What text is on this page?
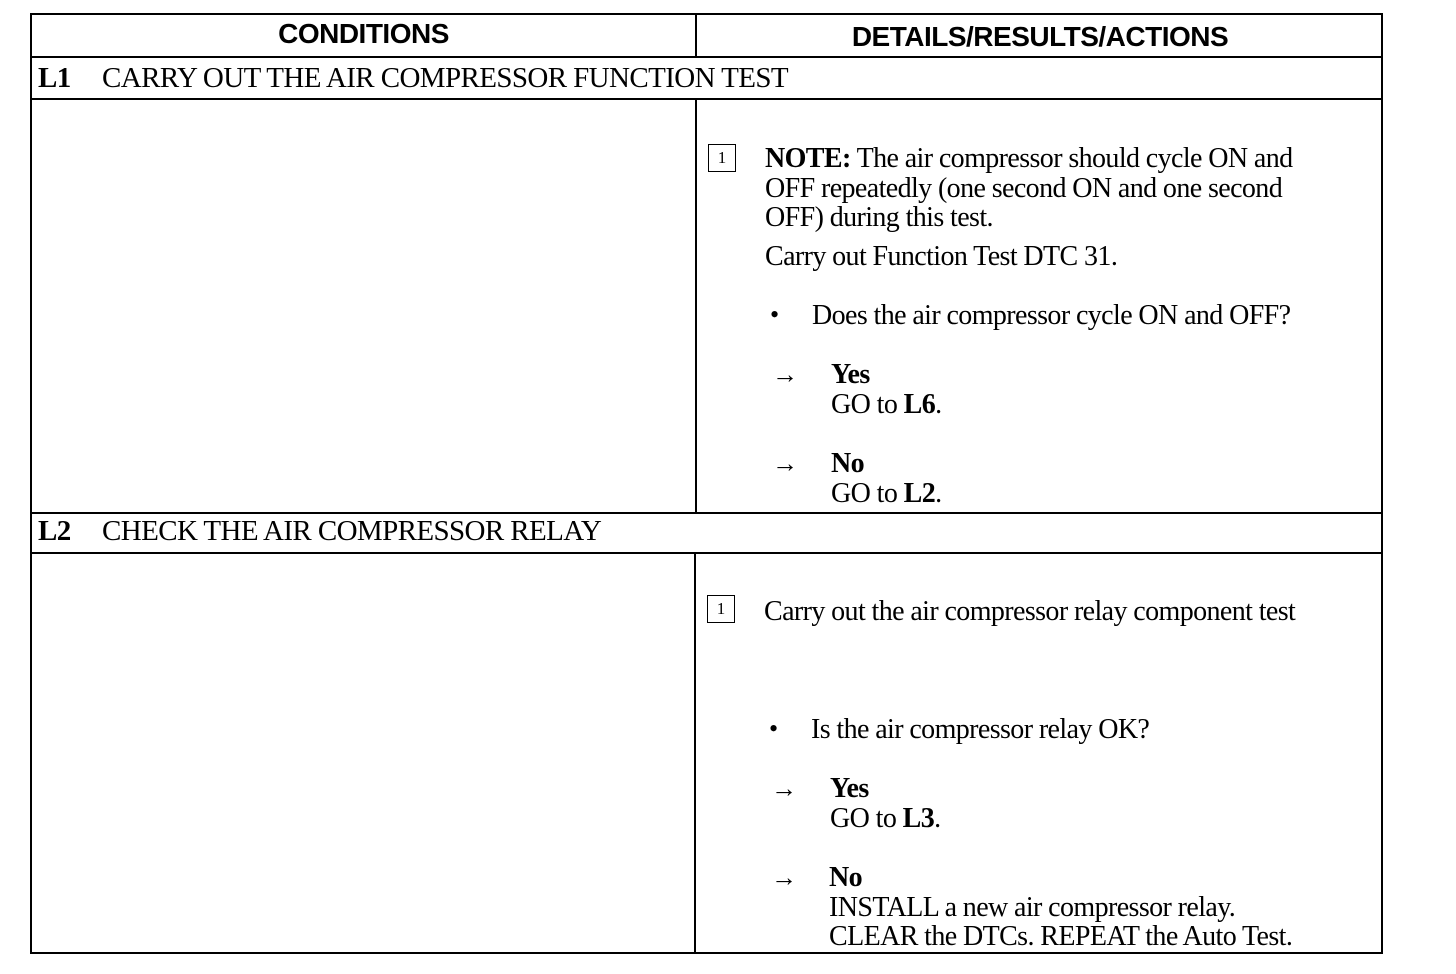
CONDITIONS	DETAILS/RESULTS/ACTIONS
L1 CARRY OUT THE AIR COMPRESSOR FUNCTION TEST
1	NOTE: The air compressor should cycle ON and
OFF repeatedly (one second ON and one second
OFF) during this test.
Carry out Function Test DTC 31.
• Does the air compressor cycle ON and OFF?
→ Yes
GO to L6.
→ No
GO to L2.
L2 CHECK THE AIR COMPRESSOR RELAY
1	Carry out the air compressor relay component test
• Is the air compressor relay OK?
→ Yes
GO to L3.
→ No
INSTALL a new air compressor relay.
CLEAR the DTCs. REPEAT the Auto Test.
